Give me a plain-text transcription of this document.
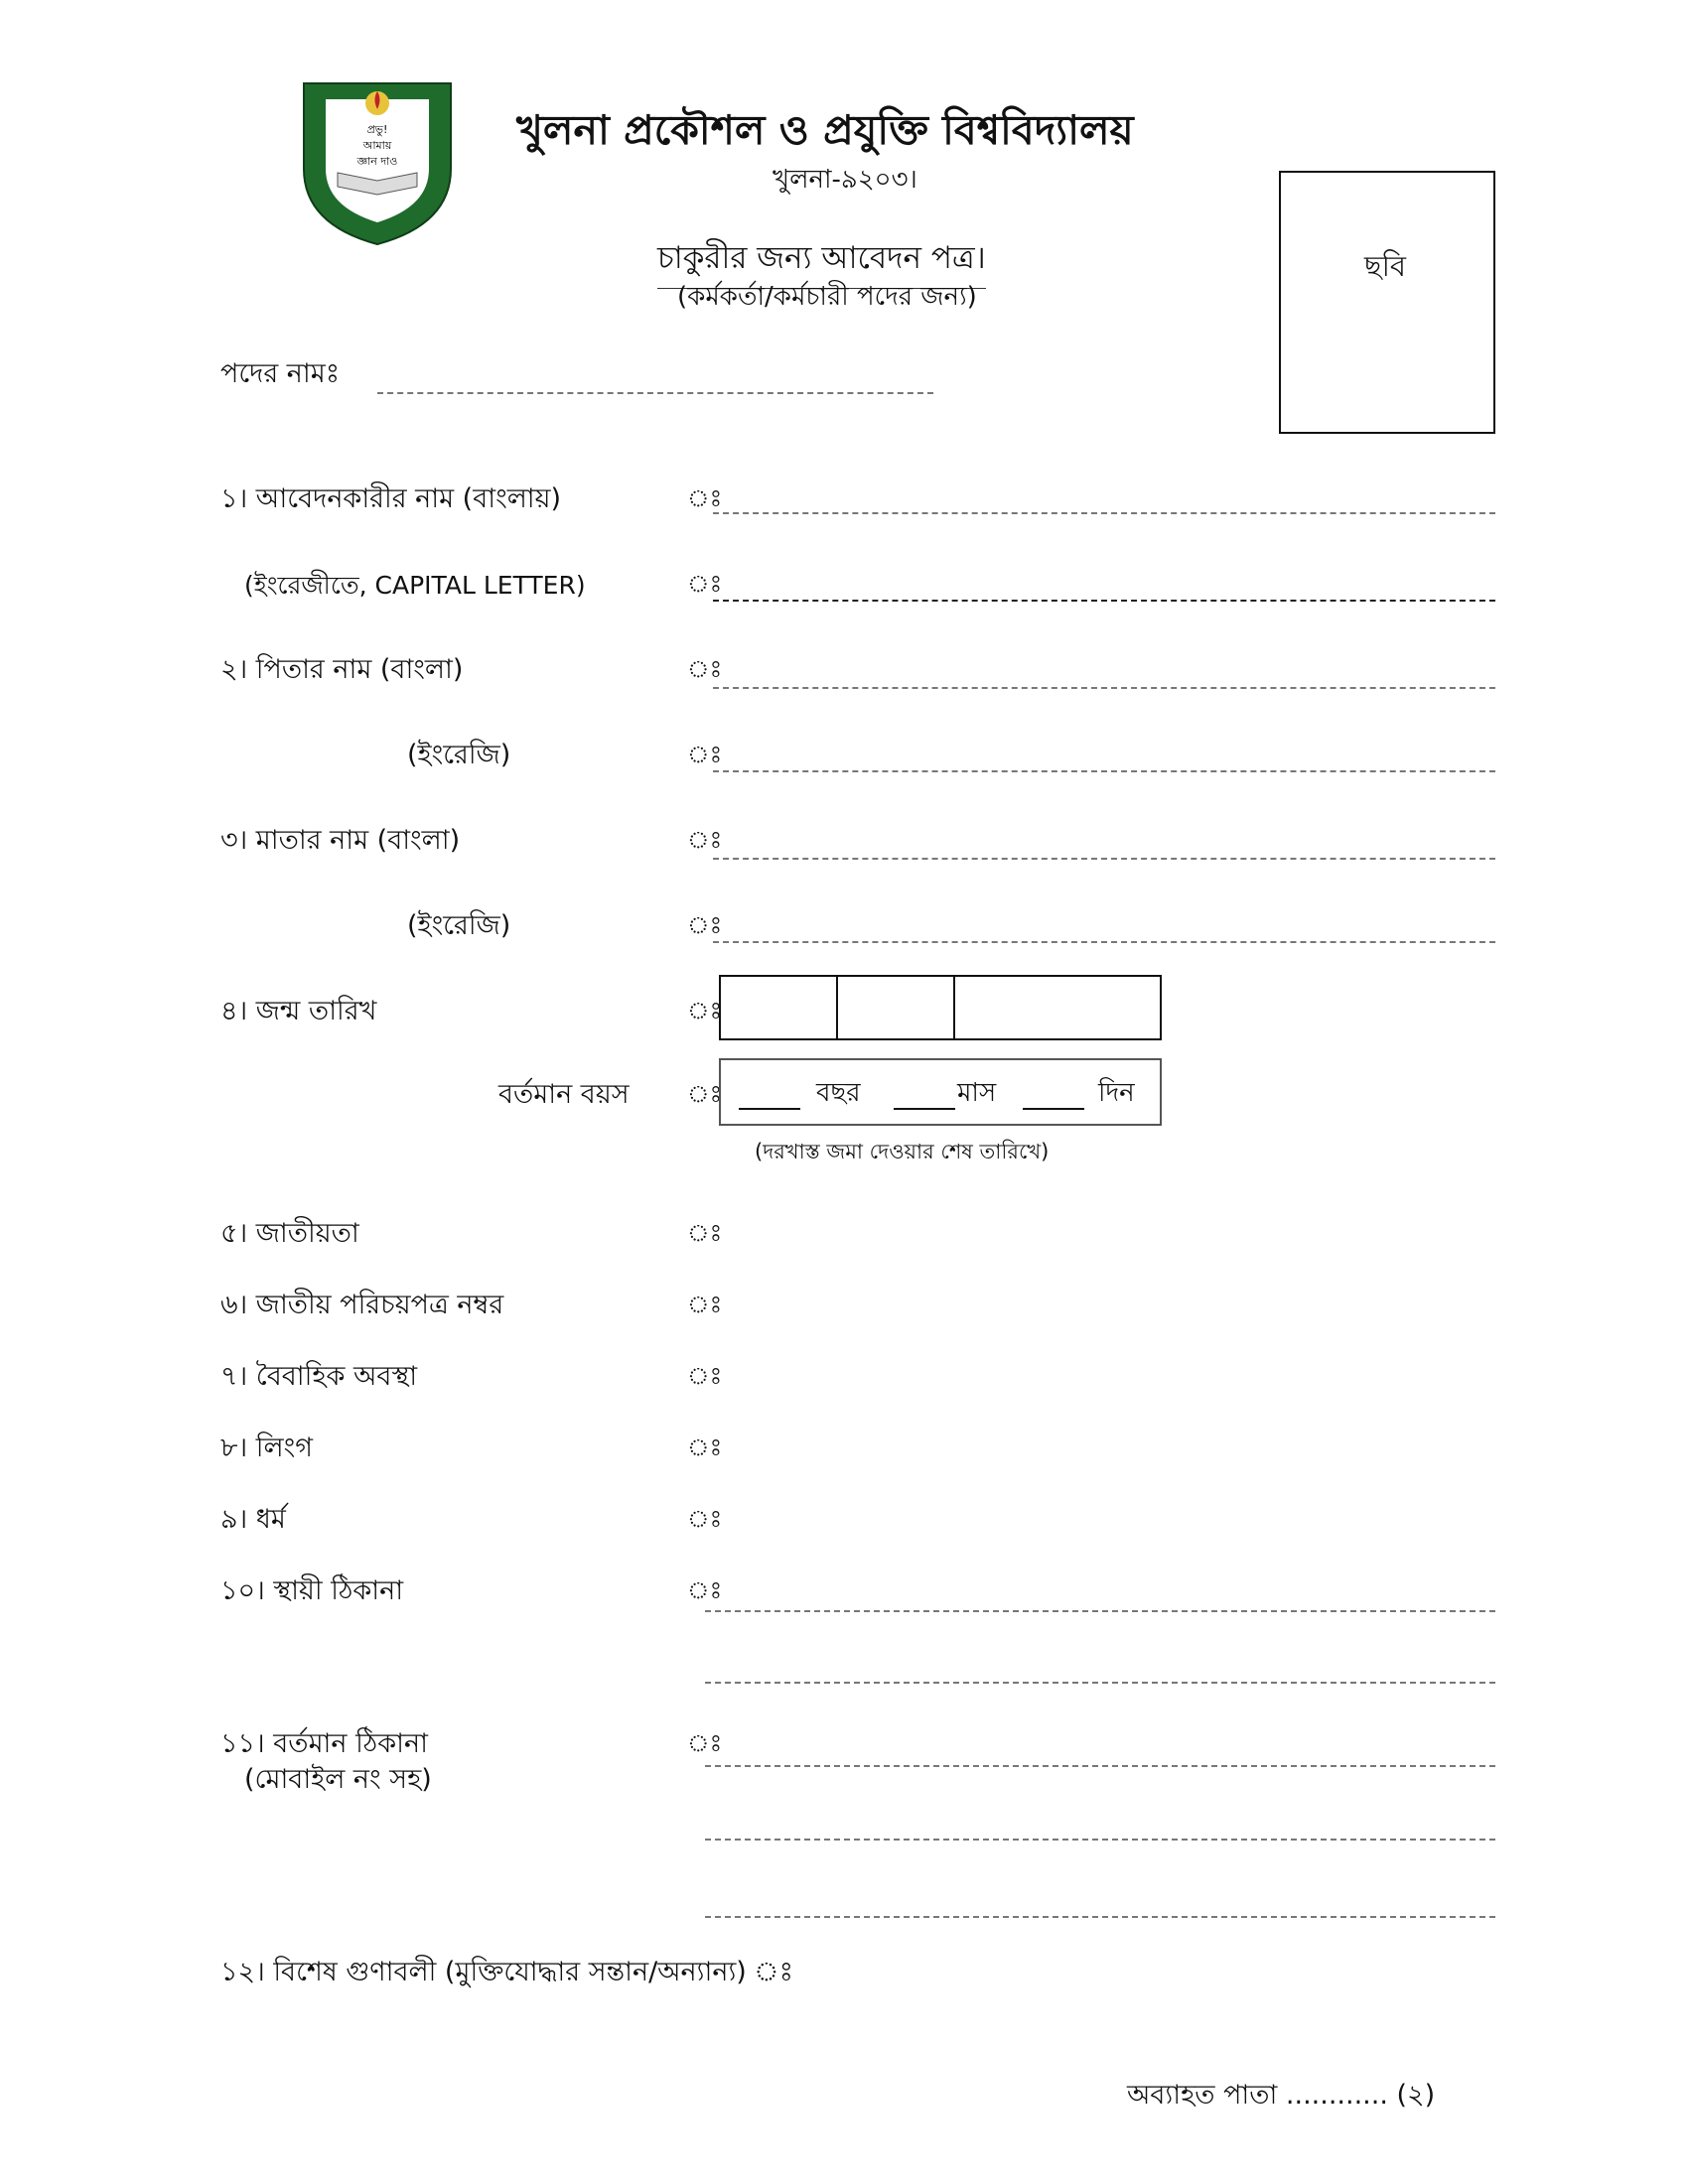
প্রভু!
আমায়
জ্ঞান দাও
খুলনা প্রকৌশল ও প্রযুক্তি বিশ্ববিদ্যালয়
খুলনা-৯২০৩।
চাকুরীর জন্য আবেদন পত্র।
(কর্মকর্তা/কর্মচারী পদের জন্য)
ছবি
পদের নামঃ
১। আবেদনকারীর নাম (বাংলায়)	ঃ
(ইংরেজীতে, CAPITAL LETTER)	ঃ
২। পিতার নাম (বাংলা)	ঃ
(ইংরেজি)	ঃ
৩। মাতার নাম (বাংলা)	ঃ
(ইংরেজি)	ঃ
৪। জন্ম তারিখ	ঃ
বর্তমান বয়স ঃ	বছর	মাস	দিন
(দরখাস্ত জমা দেওয়ার শেষ তারিখে)
৫। জাতীয়তা	ঃ
৬। জাতীয় পরিচয়পত্র নম্বর	ঃ
৭। বৈবাহিক অবস্থা	ঃ
৮। লিংগ	ঃ
৯। ধর্ম	ঃ
১০। স্থায়ী ঠিকানা	ঃ
১১। বর্তমান ঠিকানা
(মোবাইল নং সহ)
ঃ
১২। বিশেষ গুণাবলী (মুক্তিযোদ্ধার সন্তান/অন্যান্য) ঃ
অব্যাহত পাতা ............ (২)
